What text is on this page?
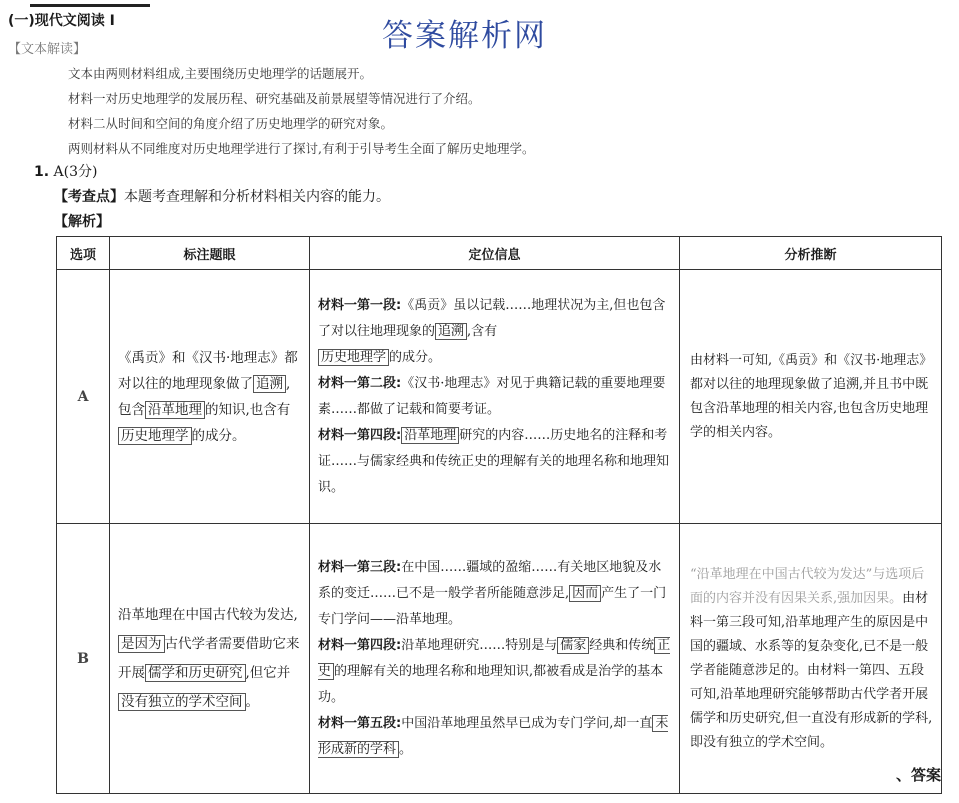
(一)现代文阅读 Ⅰ	答案解析网
【文本解读】
文本由两则材料组成,主要围绕历史地理学的话题展开。
材料一对历史地理学的发展历程、研究基础及前景展望等情况进行了介绍。
材料二从时间和空间的角度介绍了历史地理学的研究对象。
两则材料从不同维度对历史地理学进行了探讨,有利于引导考生全面了解历史地理学。
1. A(3分)
【考查点】本题考查理解和分析材料相关内容的能力。
【解析】
选项	标注题眼	定位信息	分析推断
A	《禹贡》和《汉书·地理志》都对以往的地理现象做了 追溯 ,包含 沿革地理 的知识,也含有历史地理学 的成分。	材料一第一段:《禹贡》虽以记载……地理状况为主,但也包含了对以往地理现象的 追溯 ,含有
历史地理学 的成分。
材料一第二段:《汉书·地理志》对见于典籍记载的重要地理要素……都做了记载和简要考证。
材料一第四段: 沿革地理 研究的内容……历史地名的注释和考证……与儒家经典和传统正史的理解有关的地理名称和地理知识。	由材料一可知,《禹贡》和《汉书·地理志》都对以往的地理现象做了追溯,并且书中既包含沿革地理的相关内容,也包含历史地理学的相关内容。
B	沿革地理在中国古代较为发达,是因为 古代学者需要借助它来开展 儒学和历史研究 ,但它并没有独立的学术空间 。	材料一第三段:在中国……疆域的盈缩……有关地区地貌及水系的变迁……已不是一般学者所能随意涉足, 因而 产生了一门专门学问——沿革地理。
材料一第四段:沿革地理研究……特别是与 儒家 经典和传统 正史 的理解有关的地理名称和地理知识,都被看成是治学的基本功。
材料一第五段:中国沿革地理虽然早已成为专门学问,却一直 未形成新的学科 。	“沿革地理在中国古代较为发达”与选项后面的内容并没有因果关系,强加因果。由材料一第三段可知,沿革地理产生的原因是中国的疆域、水系等的复杂变化,已不是一般学者能随意涉足的。由材料一第四、五段可知,沿革地理研究能够帮助古代学者开展儒学和历史研究,但一直没有形成新的学科,即没有独立的学术空间。
、答案
